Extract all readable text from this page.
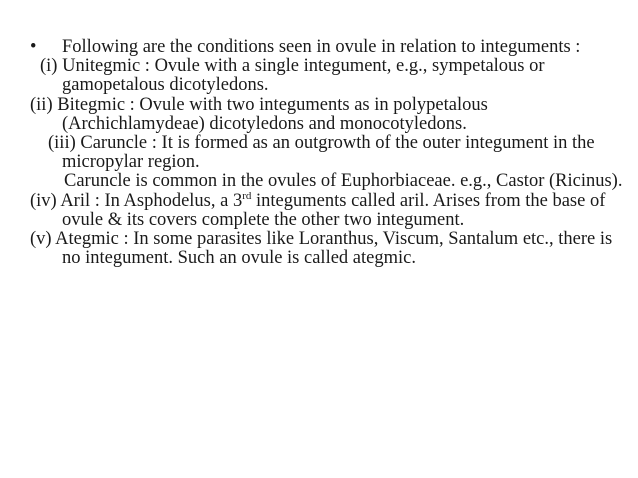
• Following are the conditions seen in ovule in relation to integuments :

(i) Unitegmic : Ovule with a single integument, e.g., sympetalous or gamopetalous dicotyledons.

(ii) Bitegmic : Ovule with two integuments as in polypetalous (Archichlamydeae) dicotyledons and monocotyledons.

(iii) Caruncle : It is formed as an outgrowth of the outer integument in the micropylar region.

Caruncle is common in the ovules of Euphorbiaceae. e.g., Castor (Ricinus).

(iv) Aril : In Asphodelus, a 3rd integuments called aril. Arises from the base of ovule & its covers complete the other two integument.

(v) Ategmic : In some parasites like Loranthus, Viscum, Santalum etc., there is no integument. Such an ovule is called ategmic.
